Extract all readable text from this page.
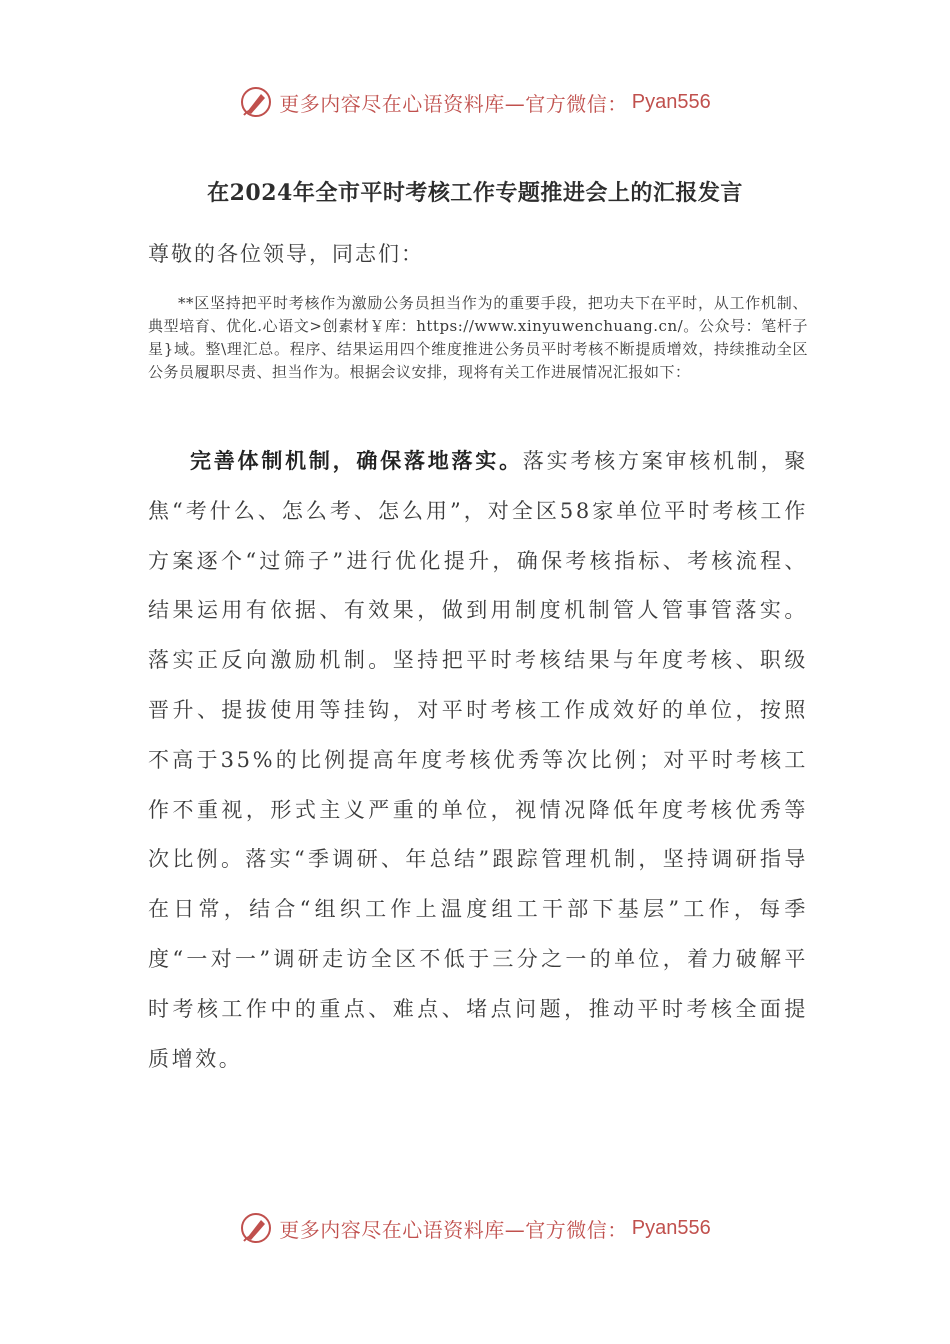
更多内容尽在心语资料库—官方微信： Pyan556
在2024年全市平时考核工作专题推进会上的汇报发言
尊敬的各位领导，同志们：
**区坚持把平时考核作为激励公务员担当作为的重要手段，把功夫下在平时，从工作机制、典型培育、优化.心语文>创素材￥库：https://www.xinyuwenchuang.cn/。公众号：笔杆子星}域。整\理汇总。程序、结果运用四个维度推进公务员平时考核不断提质增效，持续推动全区公务员履职尽责、担当作为。根据会议安排，现将有关工作进展情况汇报如下：
完善体制机制，确保落地落实。落实考核方案审核机制，聚焦“考什么、怎么考、怎么用”，对全区58家单位平时考核工作方案逐个“过筛子”进行优化提升，确保考核指标、考核流程、结果运用有依据、有效果，做到用制度机制管人管事管落实。落实正反向激励机制。坚持把平时考核结果与年度考核、职级晋升、提拔使用等挂钩，对平时考核工作成效好的单位，按照不高于35%的比例提高年度考核优秀等次比例；对平时考核工作不重视，形式主义严重的单位，视情况降低年度考核优秀等次比例。落实“季调研、年总结”跟踪管理机制，坚持调研指导在日常，结合“组织工作上温度组工干部下基层”工作，每季度“一对一”调研走访全区不低于三分之一的单位，着力破解平时考核工作中的重点、难点、堵点问题，推动平时考核全面提质增效。
更多内容尽在心语资料库—官方微信： Pyan556
